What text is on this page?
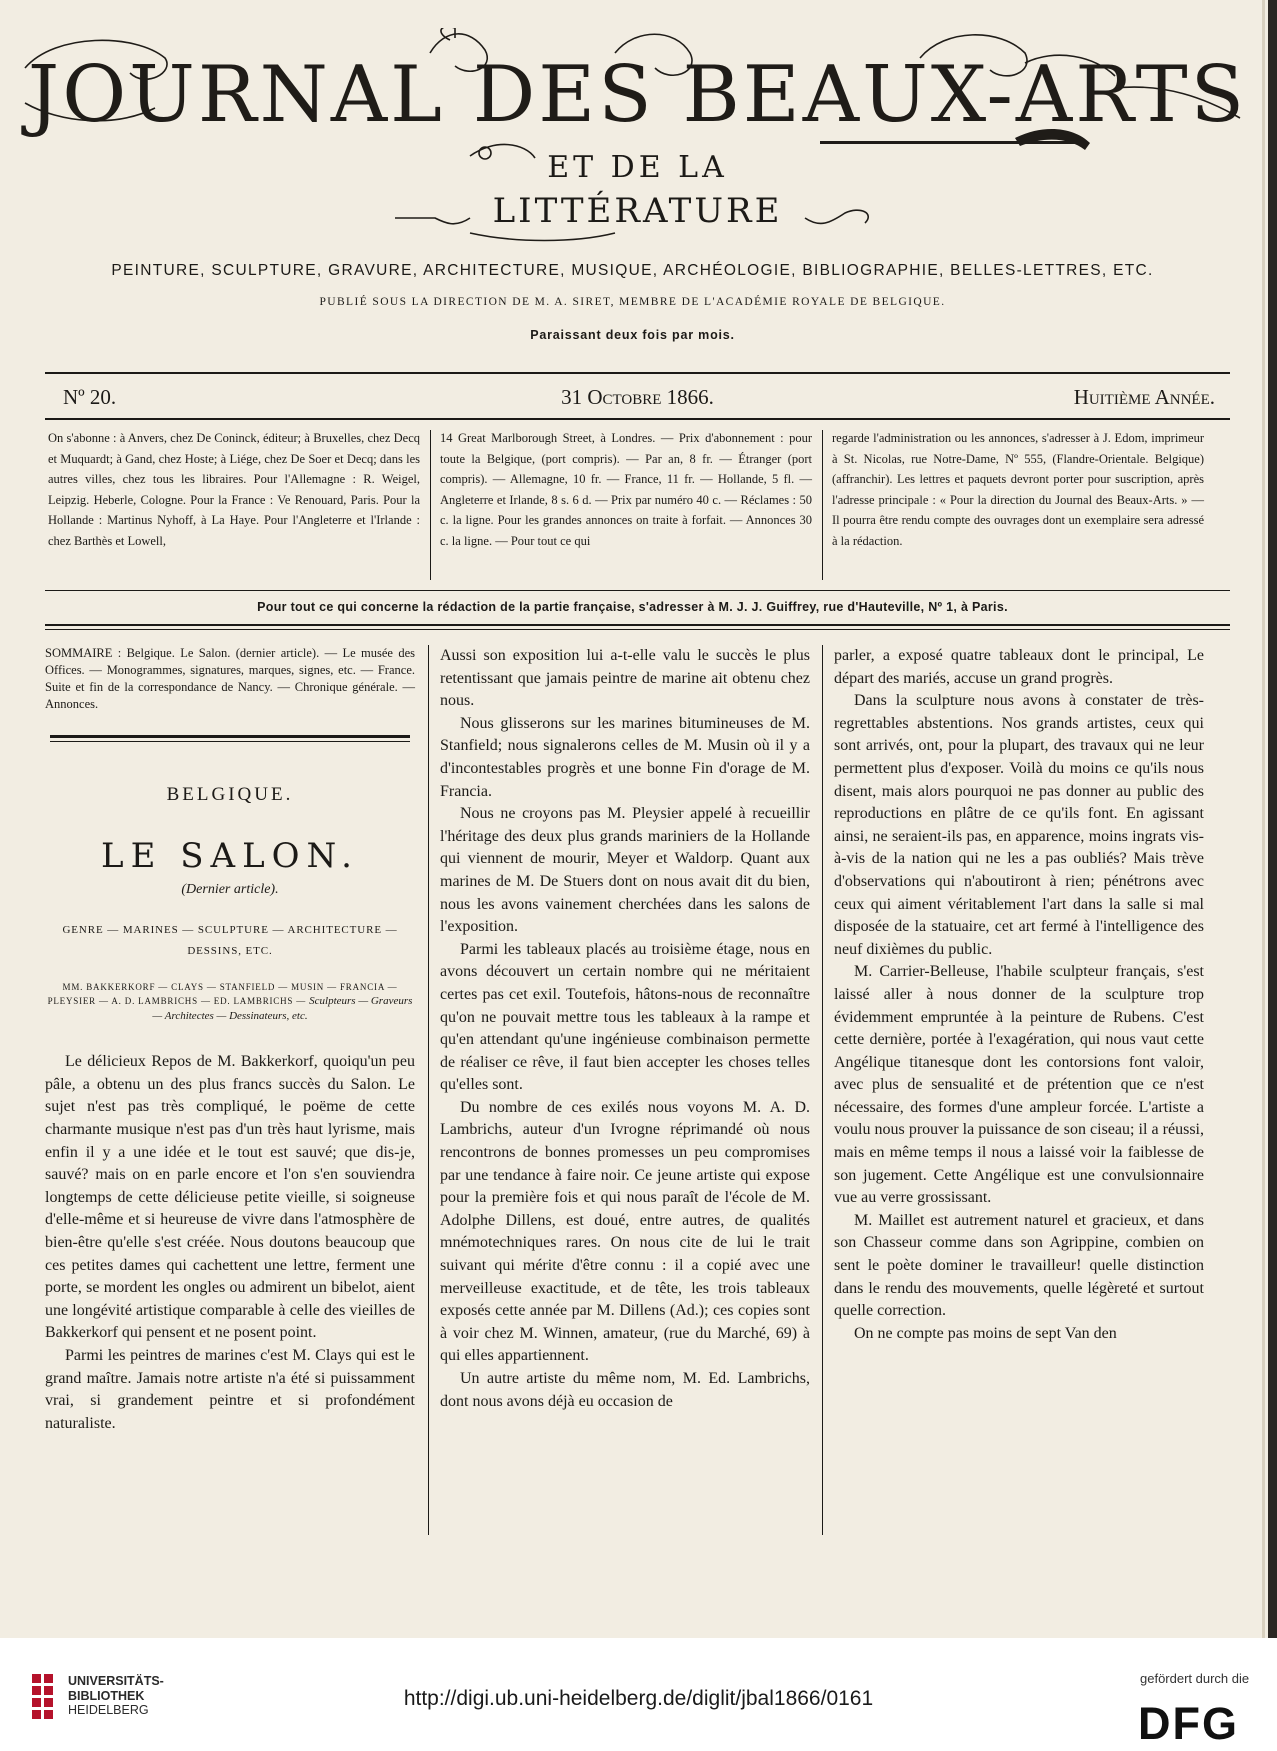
JOURNAL DES BEAUX-ARTS
ET DE LA
LITTÉRATURE
PEINTURE, SCULPTURE, GRAVURE, ARCHITECTURE, MUSIQUE, ARCHÉOLOGIE, BIBLIOGRAPHIE, BELLES-LETTRES, ETC.
PUBLIÉ SOUS LA DIRECTION DE M. A. SIRET, MEMBRE DE L'ACADÉMIE ROYALE DE BELGIQUE.
Paraissant deux fois par mois.
31 Octobre 1866.
Nº 20.	Huitième Année.
On s'abonne : à Anvers, chez De Coninck, éditeur; à Bruxelles, chez Decq et Muquardt; à Gand, chez Hoste; à Liége, chez De Soer et Decq; dans les autres villes, chez tous les libraires. Pour l'Allemagne : R. Weigel, Leipzig. Heberle, Cologne. Pour la France : Ve Renouard, Paris. Pour la Hollande : Martinus Nyhoff, à La Haye. Pour l'Angleterre et l'Irlande : chez Barthès et Lowell,
14 Great Marlborough Street, à Londres. — Prix d'abonnement : pour toute la Belgique, (port compris). — Par an, 8 fr. — Étranger (port compris). — Allemagne, 10 fr. — France, 11 fr. — Hollande, 5 fl. — Angleterre et Irlande, 8 s. 6 d. — Prix par numéro 40 c. — Réclames : 50 c. la ligne. Pour les grandes annonces on traite à forfait. — Annonces 30 c. la ligne. — Pour tout ce qui
regarde l'administration ou les annonces, s'adresser à J. Edom, imprimeur à St. Nicolas, rue Notre-Dame, Nº 555, (Flandre-Orientale. Belgique) (affranchir). Les lettres et paquets devront porter pour suscription, après l'adresse principale : « Pour la direction du Journal des Beaux-Arts. » — Il pourra être rendu compte des ouvrages dont un exemplaire sera adressé à la rédaction.
Pour tout ce qui concerne la rédaction de la partie française, s'adresser à M. J. J. Guiffrey, rue d'Hauteville, Nº 1, à Paris.
SOMMAIRE : Belgique. Le Salon. (dernier article). — Le musée des Offices. — Monogrammes, signatures, marques, signes, etc. — France. Suite et fin de la correspondance de Nancy. — Chronique générale. — Annonces.
BELGIQUE.
LE SALON.
(Dernier article).
GENRE — MARINES — SCULPTURE — ARCHITECTURE — DESSINS, ETC.
MM. BAKKERKORF — CLAYS — STANFIELD — MUSIN — FRANCIA — PLEYSIER — A. D. LAMBRICHS — ED. LAMBRICHS — Sculpteurs — Graveurs — Architectes — Dessinateurs, etc.

Le délicieux Repos de M. Bakkerkorf, quoiqu'un peu pâle, a obtenu un des plus francs succès du Salon. Le sujet n'est pas très compliqué, le poëme de cette charmante musique n'est pas d'un très haut lyrisme, mais enfin il y a une idée et le tout est sauvé; que dis-je, sauvé? mais on en parle encore et l'on s'en souviendra longtemps de cette délicieuse petite vieille, si soigneuse d'elle-même et si heureuse de vivre dans l'atmosphère de bien-être qu'elle s'est créée. Nous doutons beaucoup que ces petites dames qui cachettent une lettre, ferment une porte, se mordent les ongles ou admirent un bibelot, aient une longévité artistique comparable à celle des vieilles de Bakkerkorf qui pensent et ne posent point.

Parmi les peintres de marines c'est M. Clays qui est le grand maître. Jamais notre artiste n'a été si puissamment vrai, si grandement peintre et si profondément naturaliste.

Aussi son exposition lui a-t-elle valu le succès le plus retentissant que jamais peintre de marine ait obtenu chez nous.

Nous glisserons sur les marines bitumineuses de M. Stanfield; nous signalerons celles de M. Musin où il y a d'incontestables progrès et une bonne Fin d'orage de M. Francia.

Nous ne croyons pas M. Pleysier appelé à recueillir l'héritage des deux plus grands mariniers de la Hollande qui viennent de mourir, Meyer et Waldorp. Quant aux marines de M. De Stuers dont on nous avait dit du bien, nous les avons vainement cherchées dans les salons de l'exposition.

Parmi les tableaux placés au troisième étage, nous en avons découvert un certain nombre qui ne méritaient certes pas cet exil. Toutefois, hâtons-nous de reconnaître qu'on ne pouvait mettre tous les tableaux à la rampe et qu'en attendant qu'une ingénieuse combinaison permette de réaliser ce rêve, il faut bien accepter les choses telles qu'elles sont.

Du nombre de ces exilés nous voyons M. A. D. Lambrichs, auteur d'un Ivrogne réprimandé où nous rencontrons de bonnes promesses un peu compromises par une tendance à faire noir. Ce jeune artiste qui expose pour la première fois et qui nous paraît de l'école de M. Adolphe Dillens, est doué, entre autres, de qualités mnémotechniques rares. On nous cite de lui le trait suivant qui mérite d'être connu : il a copié avec une merveilleuse exactitude, et de tête, les trois tableaux exposés cette année par M. Dillens (Ad.); ces copies sont à voir chez M. Winnen, amateur, (rue du Marché, 69) à qui elles appartiennent.

Un autre artiste du même nom, M. Ed. Lambrichs, dont nous avons déjà eu occasion de

parler, a exposé quatre tableaux dont le principal, Le départ des mariés, accuse un grand progrès.

Dans la sculpture nous avons à constater de très-regrettables abstentions. Nos grands artistes, ceux qui sont arrivés, ont, pour la plupart, des travaux qui ne leur permettent plus d'exposer. Voilà du moins ce qu'ils nous disent, mais alors pourquoi ne pas donner au public des reproductions en plâtre de ce qu'ils font. En agissant ainsi, ne seraient-ils pas, en apparence, moins ingrats vis-à-vis de la nation qui ne les a pas oubliés? Mais trève d'observations qui n'aboutiront à rien; pénétrons avec ceux qui aiment véritablement l'art dans la salle si mal disposée de la statuaire, cet art fermé à l'intelligence des neuf dixièmes du public.

M. Carrier-Belleuse, l'habile sculpteur français, s'est laissé aller à nous donner de la sculpture trop évidemment empruntée à la peinture de Rubens. C'est cette dernière, portée à l'exagération, qui nous vaut cette Angélique titanesque dont les contorsions font valoir, avec plus de sensualité et de prétention que ce n'est nécessaire, des formes d'une ampleur forcée. L'artiste a voulu nous prouver la puissance de son ciseau; il a réussi, mais en même temps il nous a laissé voir la faiblesse de son jugement. Cette Angélique est une convulsionnaire vue au verre grossissant.

M. Maillet est autrement naturel et gracieux, et dans son Chasseur comme dans son Agrippine, combien on sent le poète dominer le travailleur! quelle distinction dans le rendu des mouvements, quelle légèreté et surtout quelle correction.

On ne compte pas moins de sept Van den

UNIVERSITÄTS-
BIBLIOTHEK
HEIDELBERG	http://digi.ub.uni-heidelberg.de/diglit/jbal1866/0161
gefördert durch die
DFG
